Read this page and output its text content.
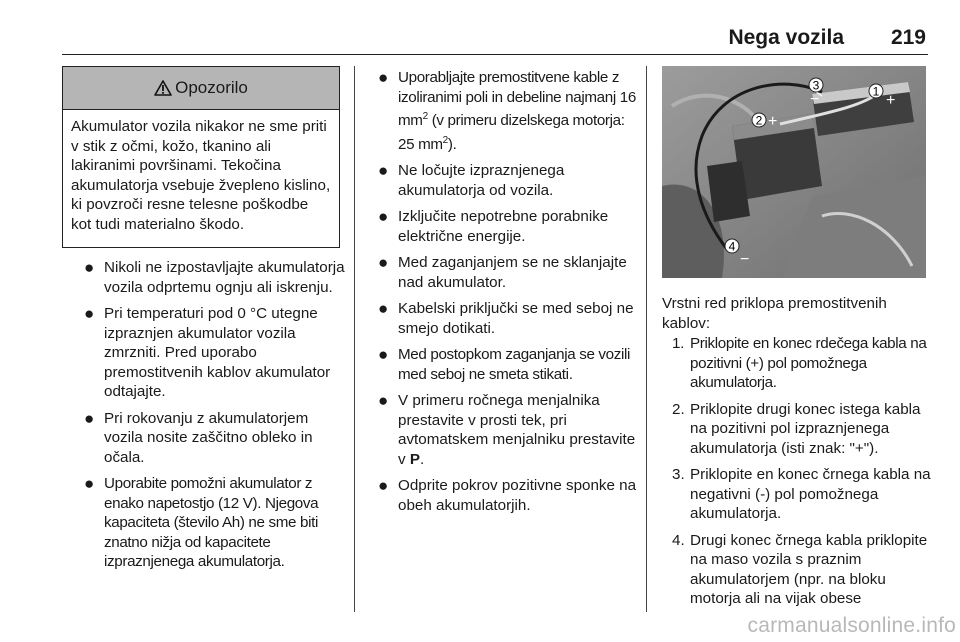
Nega vozila 219
Opozorilo
Akumulator vozila nikakor ne sme priti v stik z očmi, kožo, tkanino ali lakiranimi površinami. Tekočina akumulatorja vsebuje žvepleno kislino, ki povzroči resne telesne poškodbe kot tudi materialno škodo.
● Nikoli ne izpostavljajte akumulatorja vozila odprtemu ognju ali iskrenju.
● Pri temperaturi pod 0 °C utegne izpraznjen akumulator vozila zmrzniti. Pred uporabo premostitvenih kablov akumulator odtajajte.
● Pri rokovanju z akumulatorjem vozila nosite zaščitno obleko in očala.
● Uporabite pomožni akumulator z enako napetostjo (12 V). Njegova kapaciteta (število Ah) ne sme biti znatno nižja od kapacitete izpraznjenega akumulatorja.
● Uporabljajte premostitvene kable z izoliranimi poli in debeline najmanj 16 $mm^2$ (v primeru dizelskega motorja: 25 $mm^2$).
● Ne ločujte izpraznjenega akumulatorja od vozila.
● Izključite nepotrebne porabnike električne energije.
● Med zaganjanjem se ne sklanjajte nad akumulator.
● Kabelski priključki se med seboj ne smejo dotikati.
● Med postopkom zaganjanja se vozili med seboj ne smeta stikati.
● V primeru ročnega menjalnika prestavite v prosti tek, pri avtomatskem menjalniku prestavite v P.
● Odprite pokrov pozitivne sponke na obeh akumulatorjih.
1
+
2 +
3
−
4
−
Vrstni red priklopa premostitvenih kablov:
1. Priklopite en konec rdečega kabla na pozitivni (+) pol pomožnega akumulatorja.
2. Priklopite drugi konec istega kabla na pozitivni pol izpraznjenega akumulatorja (isti znak: "+").
3. Priklopite en konec črnega kabla na negativni (-) pol pomožnega akumulatorja.
4. Drugi konec črnega kabla priklopite na maso vozila s praznim akumulatorjem (npr. na bloku motorja ali na vijak obese
carmanualsonline.info
